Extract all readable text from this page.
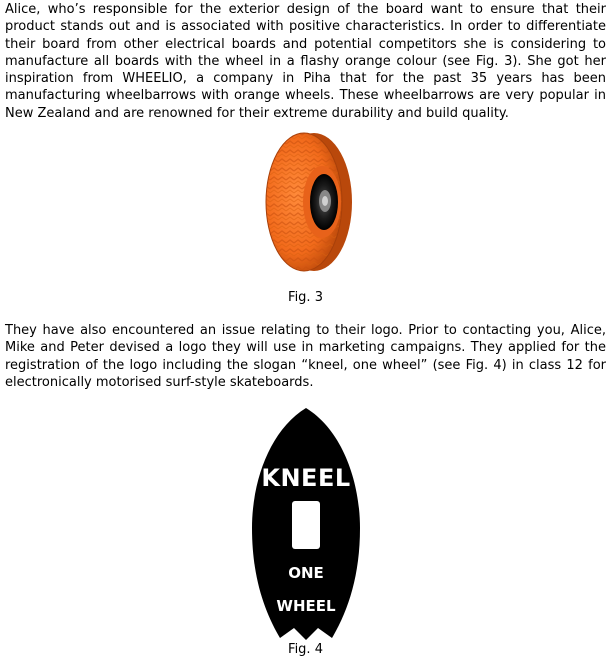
Alice, who’s responsible for the exterior design of the board want to ensure that their product stands out and is associated with positive characteristics. In order to differentiate their board from other electrical boards and potential competitors she is considering to manufacture all boards with the wheel in a flashy orange colour (see Fig. 3). She got her inspiration from WHEELIO, a company in Piha that for the past 35 years has been manufacturing wheelbarrows with orange wheels. These wheelbarrows are very popular in New Zealand and are renowned for their extreme durability and build quality.

Fig. 3

They have also encountered an issue relating to their logo. Prior to contacting you, Alice, Mike and Peter devised a logo they will use in marketing campaigns. They applied for the registration of the logo including the slogan “kneel, one wheel” (see Fig. 4) in class 12 for electronically motorised surf-style skateboards.

KNEEL
ONE
WHEEL
Fig. 4
